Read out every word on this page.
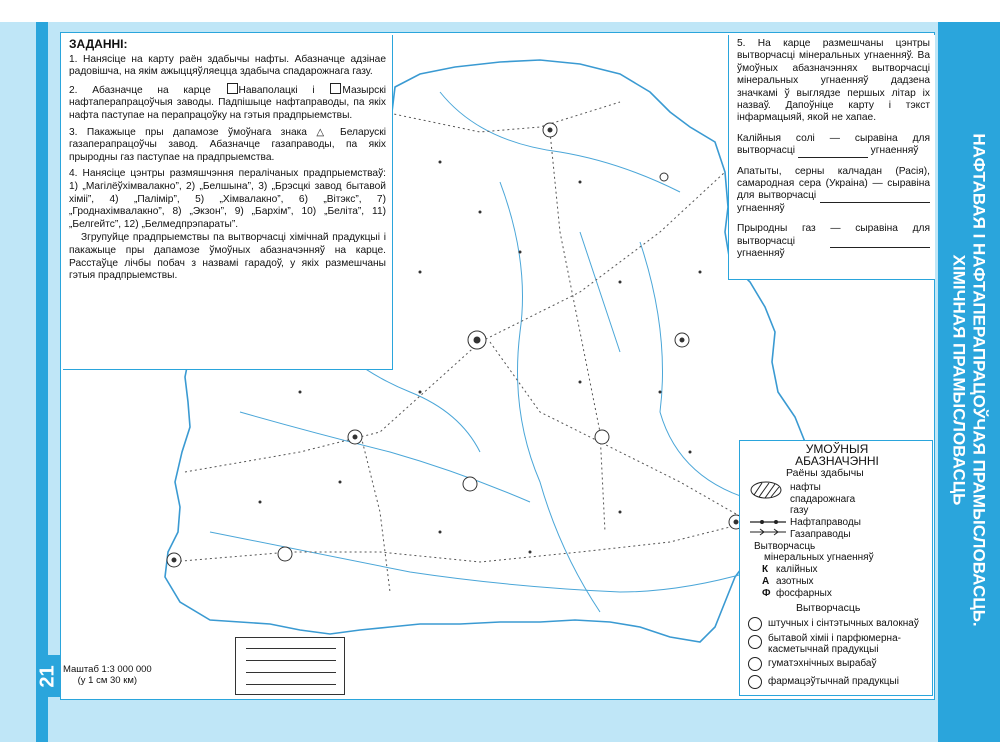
21
НАФТАВАЯ І НАФТАПЕРАПРАЦОЎЧАЯ ПРАМЫСЛОВАСЦЬ.
ХІМІЧНАЯ ПРАМЫСЛОВАСЦЬ

ЗАДАННІ:

1. Нанясіце на карту раён здабычы нафты. Абазначце адзінае радовішча, на якім ажыццяўляецца здабыча спадарожнага газу.

2. Абазначце на карце	Наваполацкі і	Мазырскі нафтаперапрацоўчыя заводы. Падпішыце нафтаправоды, па якіх нафта паступае на перапрацоўку на гэтыя прадпрыемствы.

3. Пакажыце пры дапамозе ўмоўнага знака △ Беларускі газаперапрацоўчы завод. Абазначце газаправоды, па якіх прыродны газ паступае на прадпрыемства.

4. Нанясіце цэнтры размяшчэння пералічаных прадпрыемстваў: 1) „Магілёўхімвалакно”, 2) „Белшына”, 3) „Брэсцкі завод бытавой хіміі”, 4) „Палімір”, 5) „Хімвалакно”, 6) „Вітэкс”, 7) „Гроднахімвалакно”, 8) „Экзон”, 9) „Бархім”, 10) „Беліта”, 11) „Белгейтс”, 12) „Белмедпрэпараты”.

Згрупуйце прадпрыемствы па вытворчасці хімічнай прадукцыі і пакажыце пры дапамозе ўмоўных абазначэнняў на карце. Расстаўце лічбы побач з назвамі гарадоў, у якіх размешчаны гэтыя прадпрыемствы.

5. На карце размешчаны цэнтры вытворчасці мінеральных угнаенняў. Ва ўмоўных абазначэннях вытворчасці мінеральных угнаенняў дадзена значкамі ў выглядзе першых літар іх назваў. Дапоўніце карту і тэкст інфармацыяй, якой не хапае.

Калійныя солі — сыравіна для вытворчасці	угнаенняў

Апатыты, серны калчадан (Расія), самародная сера (Украіна) — сыравіна для вытворчасці  угнаенняў

Прыродны газ — сыравіна для вытворчасці  угнаенняў

УМОЎНЫЯ
АБАЗНАЧЭННІ
Раёны здабычы
нафты
спадарожнага
газу
Нафтаправоды
Газаправоды
Вытворчасць
мінеральных угнаенняў
К калійных
А азотных
Ф фосфарных
Вытворчасць
штучных і сінтэтычных валокнаў
бытавой хіміі і парфюмерна-
касметычнай прадукцыі
гуматэхнічных вырабаў
фармацэўтычнай прадукцыі
Маштаб 1:3 000 000
(у 1 см 30 км)
